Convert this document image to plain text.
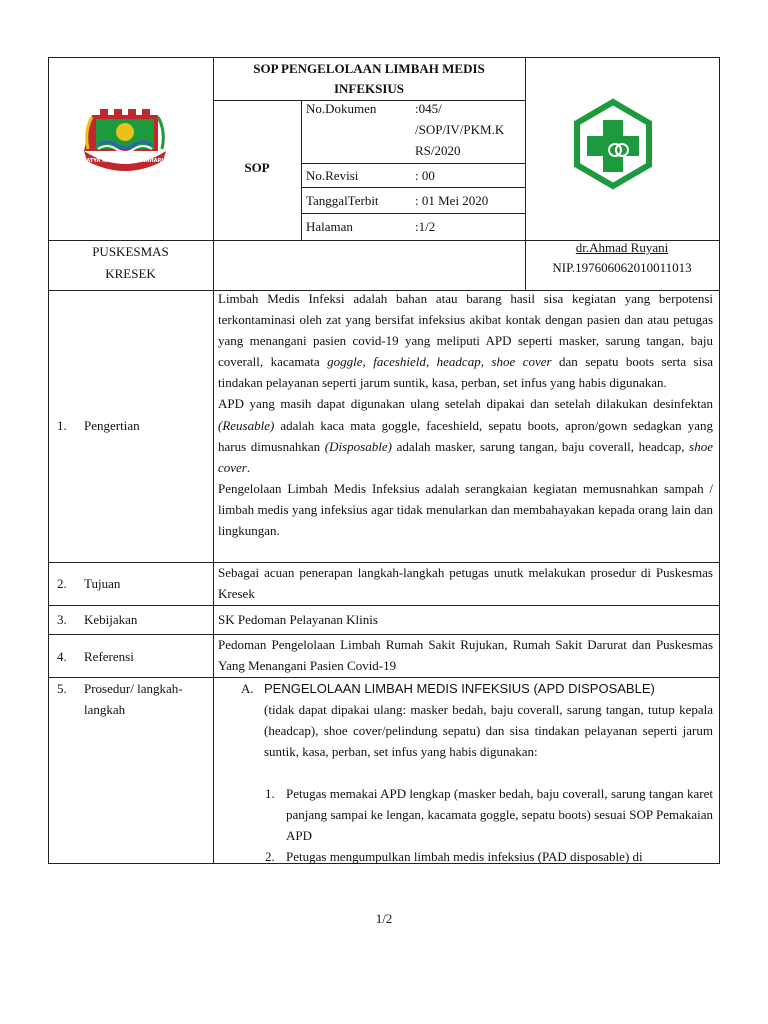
SATYA KARYA KERTA RAHARJA
SOP PENGELOLAAN LIMBAH MEDIS
INFEKSIUS
SOP
No.Dokumen	:045/
/SOP/IV/PKM.K
RS/2020
No.Revisi	: 00
TanggalTerbit	: 01 Mei 2020
Halaman	:1/2
PUSKESMAS
KRESEK
dr.Ahmad Ruyani
NIP.197606062010011013
1. Pengertian

Limbah Medis Infeksi adalah bahan atau barang hasil sisa kegiatan yang berpotensi terkontaminasi oleh zat yang bersifat infeksius akibat kontak dengan pasien dan atau petugas yang menangani pasien covid-19 yang meliputi APD seperti masker, sarung tangan, baju coverall, kacamata goggle, faceshield, headcap, shoe cover dan sepatu boots serta sisa tindakan pelayanan seperti jarum suntik, kasa, perban, set infus yang habis digunakan.

APD yang masih dapat digunakan ulang setelah dipakai dan setelah dilakukan desinfektan (Reusable) adalah kaca mata goggle, faceshield, sepatu boots, apron/gown sedagkan yang harus dimusnahkan (Disposable) adalah masker, sarung tangan, baju coverall, headcap, shoe cover.

Pengelolaan Limbah Medis Infeksius adalah serangkaian kegiatan memusnahkan sampah / limbah medis yang infeksius agar tidak menularkan dan membahayakan kepada orang lain dan lingkungan.

2. Tujuan

Sebagai acuan penerapan langkah-langkah petugas unutk melakukan prosedur di Puskesmas Kresek

3. Kebijakan	SK Pedoman Pelayanan Klinis
4. Referensi

Pedoman Pengelolaan Limbah Rumah Sakit Rujukan, Rumah Sakit Darurat dan Puskesmas Yang Menangani Pasien Covid-19

5. Prosedur/ langkah-
langkah
A. PENGELOLAAN LIMBAH MEDIS INFEKSIUS (APD DISPOSABLE)

(tidak dapat dipakai ulang: masker bedah, baju coverall, sarung tangan, tutup kepala (headcap), shoe cover/pelindung sepatu) dan sisa tindakan pelayanan seperti jarum suntik, kasa, perban, set infus yang habis digunakan:

1. Petugas memakai APD lengkap (masker bedah, baju coverall, sarung tangan karet panjang sampai ke lengan, kacamata goggle, sepatu boots) sesuai SOP Pemakaian APD

2. Petugas mengumpulkan limbah medis infeksius (PAD disposable) di
1/2
